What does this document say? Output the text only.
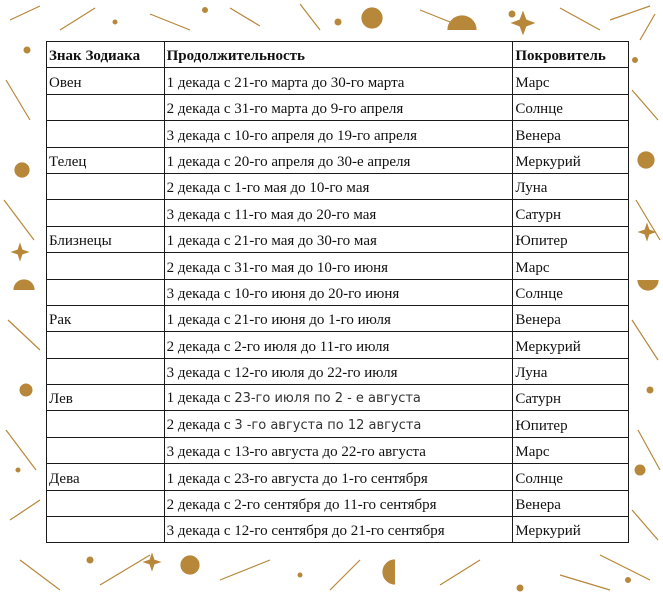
Знак Зодиака	Продолжительность	Покровитель
Овен	1 декада с 21-го марта до 30-го марта	Марс
	2 декада с 31-го марта до 9-го апреля	Солнце
	3 декада с 10-го апреля до 19-го апреля	Венера
Телец	1 декада с 20-го апреля до 30-е апреля	Меркурий
	2 декада с 1-го мая до 10-го мая	Луна
	3 декада с 11-го мая до 20-го мая	Сатурн
Близнецы	1 декада с 21-го мая до 30-го мая	Юпитер
	2 декада с 31-го мая до 10-го июня	Марс
	3 декада с 10-го июня до 20-го июня	Солнце
Рак	1 декада с 21-го июня до 1-го июля	Венера
	2 декада с 2-го июля до 11-го июля	Меркурий
	3 декада с 12-го июля до 22-го июля	Луна
Лев	1 декада с 23-го июля по 2 - е августа	Сатурн
	2 декада с 3 -го августа по 12 августа	Юпитер
	3 декада с 13-го августа до 22-го августа	Марс
Дева	1 декада с 23-го августа до 1-го сентября	Солнце
	2 декада с 2-го сентября до 11-го сентября	Венера
	3 декада с 12-го сентября до 21-го сентября	Меркурий
